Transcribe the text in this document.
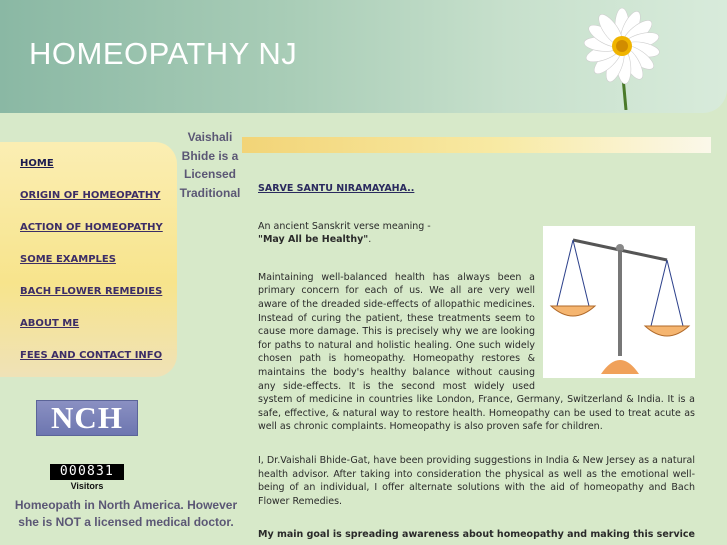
HOMEOPATHY NJ
HOME
ORIGIN OF HOMEOPATHY
ACTION OF HOMEOPATHY
SOME EXAMPLES
BACH FLOWER REMEDIES
ABOUT ME
FEES AND CONTACT INFO
Vaishali
Bhide is a
Licensed
Traditional
NCH
000831
Visitors
Homeopath in North America. However she is NOT a licensed medical doctor.

SARVE SANTU NIRAMAYAHA..

An ancient Sanskrit verse meaning -

"May All be Healthy".

Maintaining well-balanced health has always been a primary concern for each of us. We all are very well aware of the dreaded side-effects of allopathic medicines. Instead of curing the patient, these treatments seem to cause more damage. This is precisely why we are looking for paths to natural and holistic healing. One such widely chosen path is homeopathy. Homeopathy restores & maintains the body's healthy balance without causing any side-effects. It is the second most widely used system of medicine in countries like London, France, Germany, Switzerland & India. It is a safe, effective, & natural way to restore health. Homeopathy can be used to treat acute as well as chronic complaints. Homeopathy is also proven safe for children.

I, Dr.Vaishali Bhide-Gat, have been providing suggestions in India & New Jersey as a natural health advisor. After taking into consideration the physical as well as the emotional well-being of an individual, I offer alternate solutions with the aid of homeopathy and Bach Flower Remedies.

My main goal is spreading awareness about homeopathy and making this service
